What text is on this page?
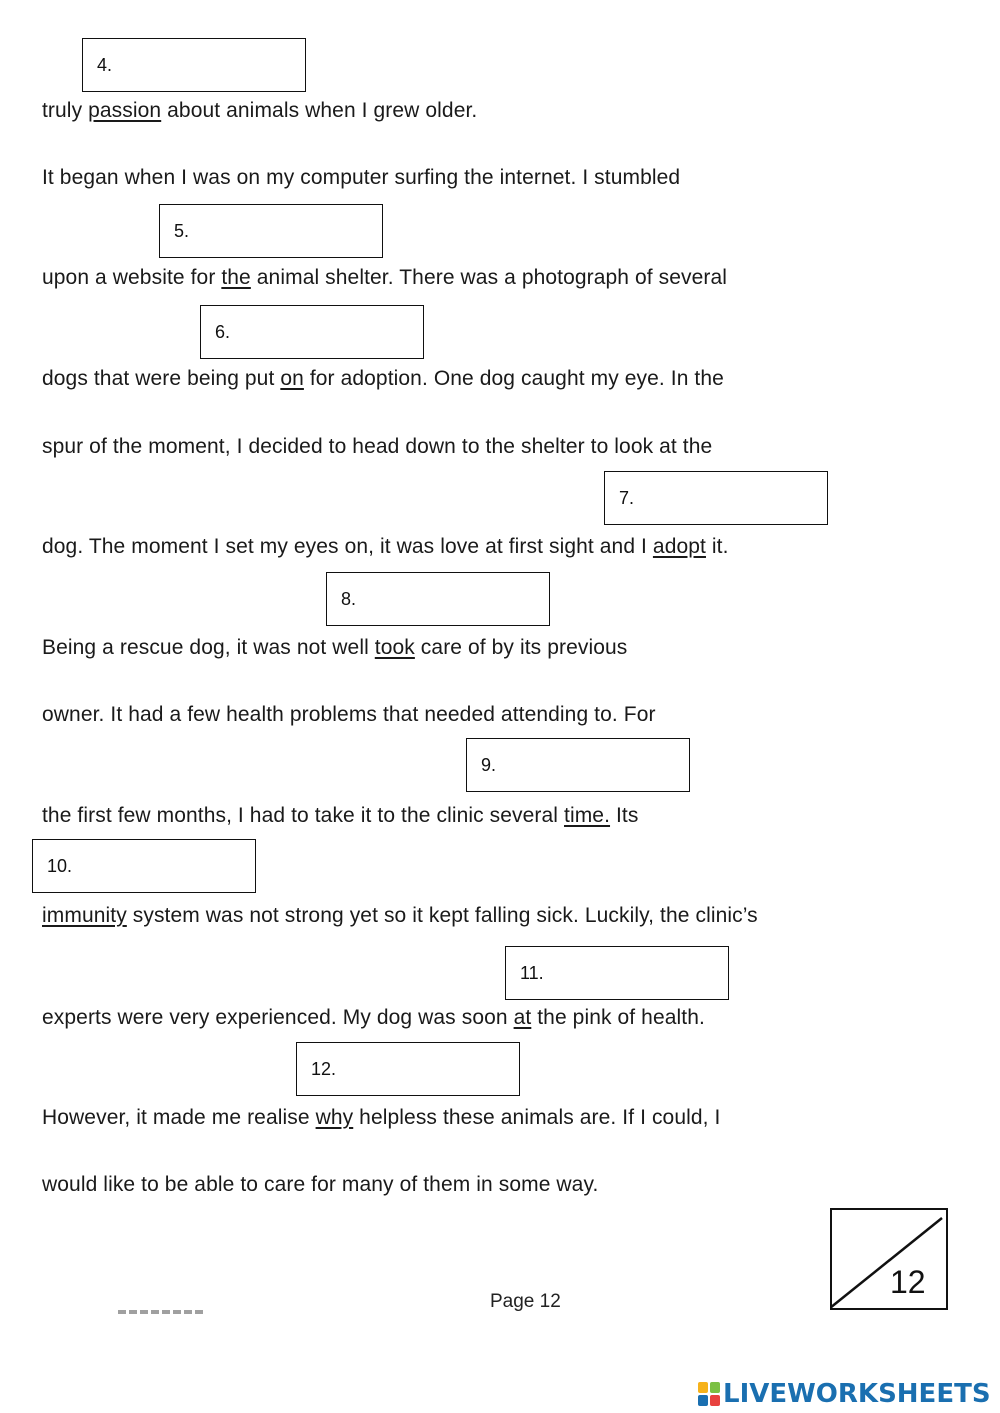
truly passion about animals when I grew older.
It began when I was on my computer surfing the internet. I stumbled
upon a website for the animal shelter. There was a photograph of several
dogs that were being put on for adoption. One dog caught my eye. In the
spur of the moment, I decided to head down to the shelter to look at the
dog. The moment I set my eyes on, it was love at first sight and I adopt it.
Being a rescue dog, it was not well took care of by its previous
owner. It had a few health problems that needed attending to. For
the first few months, I had to take it to the clinic several time. Its
immunity system was not strong yet so it kept falling sick. Luckily, the clinic’s
experts were very experienced. My dog was soon at the pink of health.
However, it made me realise why helpless these animals are. If I could, I
would like to be able to care for many of them in some way.
4.
5.
6.
7.
8.
9.
10.
11.
12.
12
Page 12
LIVEWORKSHEETS
